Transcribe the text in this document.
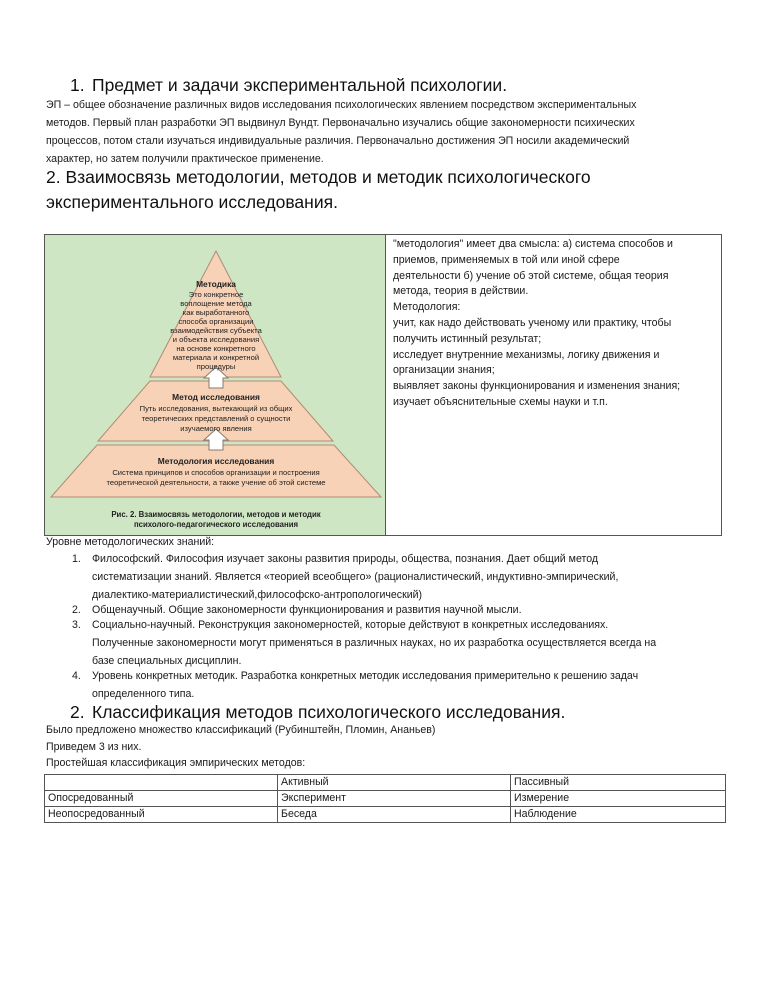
1. Предмет и задачи экспериментальной психологии.
ЭП – общее обозначение различных видов исследования психологических явлением посредством экспериментальных
методов. Первый план разработки ЭП выдвинул Вундт. Первоначально изучались общие закономерности психических
процессов, потом стали изучаться индивидуальные различия. Первоначально достижения ЭП носили академический
характер, но затем получили практическое применение.
2. Взаимосвязь методологии, методов и методик психологического
экспериментального исследования.
Методика
Это конкретное
воплощение метода
как выработанного
способа организации
взаимодействия субъекта
и объекта исследования
на основе конкретного
материала и конкретной
процедуры
Метод исследования
Путь исследования, вытекающий из общих
теоретических представлений о сущности
изучаемого явления
Методология исследования
Система принципов и способов организации и построения
теоретической деятельности, а также учение об этой системе
Рис. 2. Взаимосвязь методологии, методов и методик
психолого-педагогического исследования
"методология" имеет два смысла: а) система способов и
приемов, применяемых в той или иной сфере
деятельности б) учение об этой системе, общая теория
метода, теория в действии.
Методология:
учит, как надо действовать ученому или практику, чтобы
получить истинный результат;
исследует внутренние механизмы, логику движения и
организации знания;
выявляет законы функционирования и изменения знания;
изучает объяснительные схемы науки и т.п.
Уровне методологических знаний:
1. Философский. Философия изучает законы развития природы, общества, познания. Дает общий метод
систематизации знаний. Является «теорией всеобщего» (рационалистический, индуктивно-эмпирический,
диалектико-материалистический,философско-антропологический)
2. Общенаучный. Общие закономерности функционирования и развития научной мысли.
3. Социально-научный. Реконструкция закономерностей, которые действуют в конкретных исследованиях.
Полученные закономерности могут применяться в различных науках, но их разработка осуществляется всегда на
базе специальных дисциплин.
4. Уровень конкретных методик. Разработка конкретных методик исследования примерительно к решению задач
определенного типа.
2. Классификация методов психологического исследования.
Было предложено множество классификаций (Рубинштейн, Пломин, Ананьев)
Приведем 3 из них.
Простейшая классификация эмпирических методов:
	Активный	Пассивный
Опосредованный	Эксперимент	Измерение
Неопосредованный	Беседа	Наблюдение
